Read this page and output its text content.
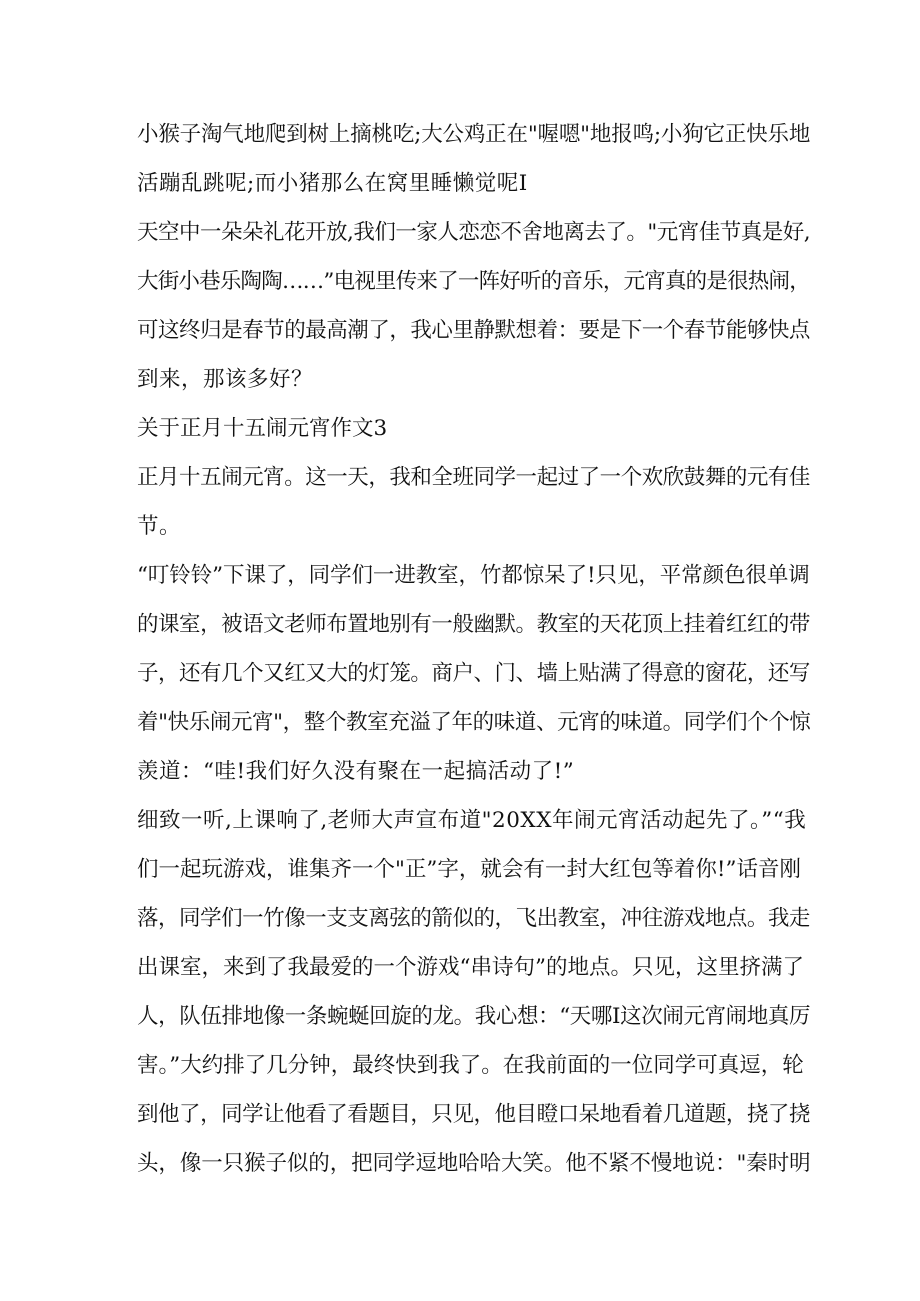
小猴子淘气地爬到树上摘桃吃;大公鸡正在"喔嗯"地报鸣;小狗它正快乐地
活蹦乱跳呢;而小猪那么在窝里睡懒觉呢I

天空中一朵朵礼花开放,我们一家人恋恋不舍地离去了。"元宵佳节真是好,
大街小巷乐陶陶……”电视里传来了一阵好听的音乐，元宵真的是很热闹，
可这终归是春节的最高潮了，我心里静默想着：要是下一个春节能够快点
到来，那该多好？

关于正月十五闹元宵作文3

正月十五闹元宵。这一天，我和全班同学一起过了一个欢欣鼓舞的元有佳
节。

“叮铃铃”下课了，同学们一进教室，竹都惊呆了!只见，平常颜色很单调
的课室，被语文老师布置地别有一般幽默。教室的天花顶上挂着红红的带
子，还有几个又红又大的灯笼。商户、门、墙上贴满了得意的窗花，还写
着"快乐闹元宵"，整个教室充溢了年的味道、元宵的味道。同学们个个惊
羡道：“哇!我们好久没有聚在一起搞活动了!”

细致一听,上课响了,老师大声宣布道"20XX年闹元宵活动起先了。”“我
们一起玩游戏，谁集齐一个"正”字，就会有一封大红包等着你!”话音刚
落，同学们一竹像一支支离弦的箭似的，飞出教室，冲往游戏地点。我走
出课室，来到了我最爱的一个游戏“串诗句”的地点。只见，这里挤满了
人，队伍排地像一条蜿蜒回旋的龙。我心想：“天哪I这次闹元宵闹地真厉
害。”大约排了几分钟，最终快到我了。在我前面的一位同学可真逗，轮
到他了，同学让他看了看题目，只见，他目瞪口呆地看着几道题，挠了挠
头，像一只猴子似的，把同学逗地哈哈大笑。他不紧不慢地说："秦时明
